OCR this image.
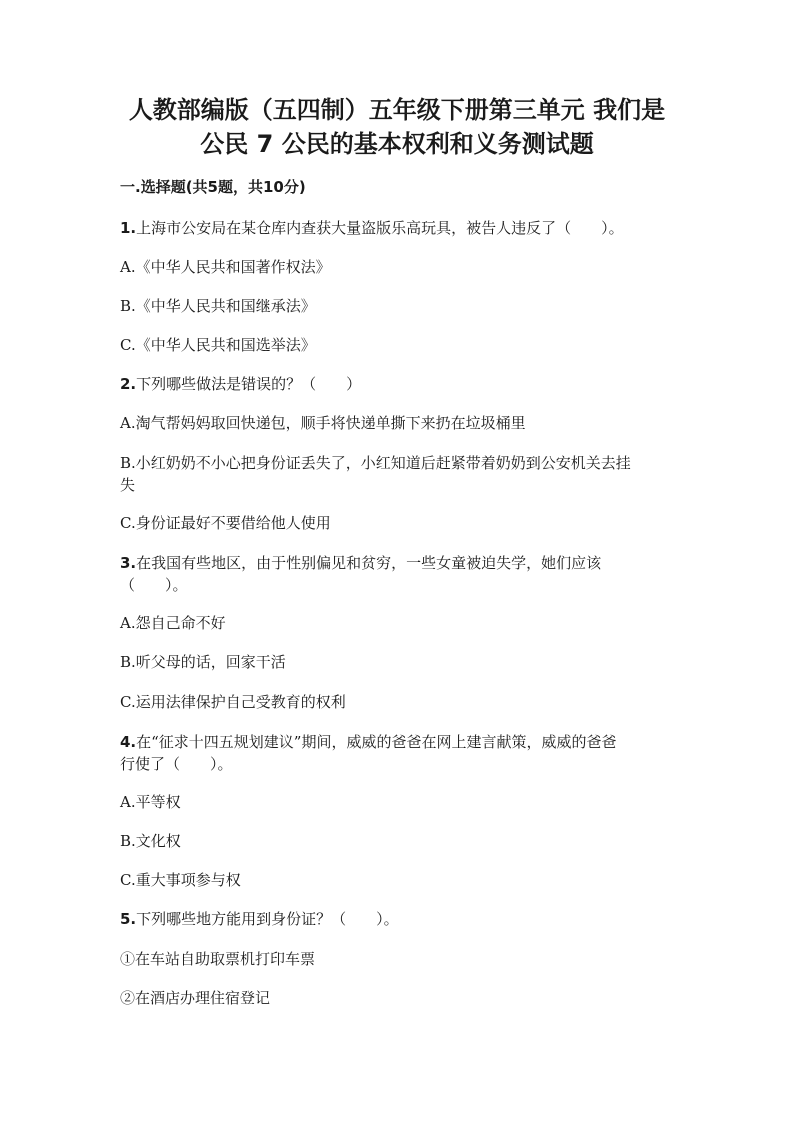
人教部编版（五四制）五年级下册第三单元 我们是
公民 7 公民的基本权利和义务测试题

一.选择题(共5题，共10分)

1.上海市公安局在某仓库内查获大量盗版乐高玩具，被告人违反了（　　）。

A.《中华人民共和国著作权法》

B.《中华人民共和国继承法》

C.《中华人民共和国选举法》

2.下列哪些做法是错误的？（　　）

A.淘气帮妈妈取回快递包，顺手将快递单撕下来扔在垃圾桶里

B.小红奶奶不小心把身份证丢失了，小红知道后赶紧带着奶奶到公安机关去挂

失

C.身份证最好不要借给他人使用

3.在我国有些地区，由于性别偏见和贫穷，一些女童被迫失学，她们应该

（　　）。

A.怨自己命不好

B.听父母的话，回家干活

C.运用法律保护自己受教育的权利

4.在“征求十四五规划建议”期间，威威的爸爸在网上建言献策，威威的爸爸

行使了（　　）。

A.平等权

B.文化权

C.重大事项参与权

5.下列哪些地方能用到身份证？（　　）。

①在车站自助取票机打印车票

②在酒店办理住宿登记
